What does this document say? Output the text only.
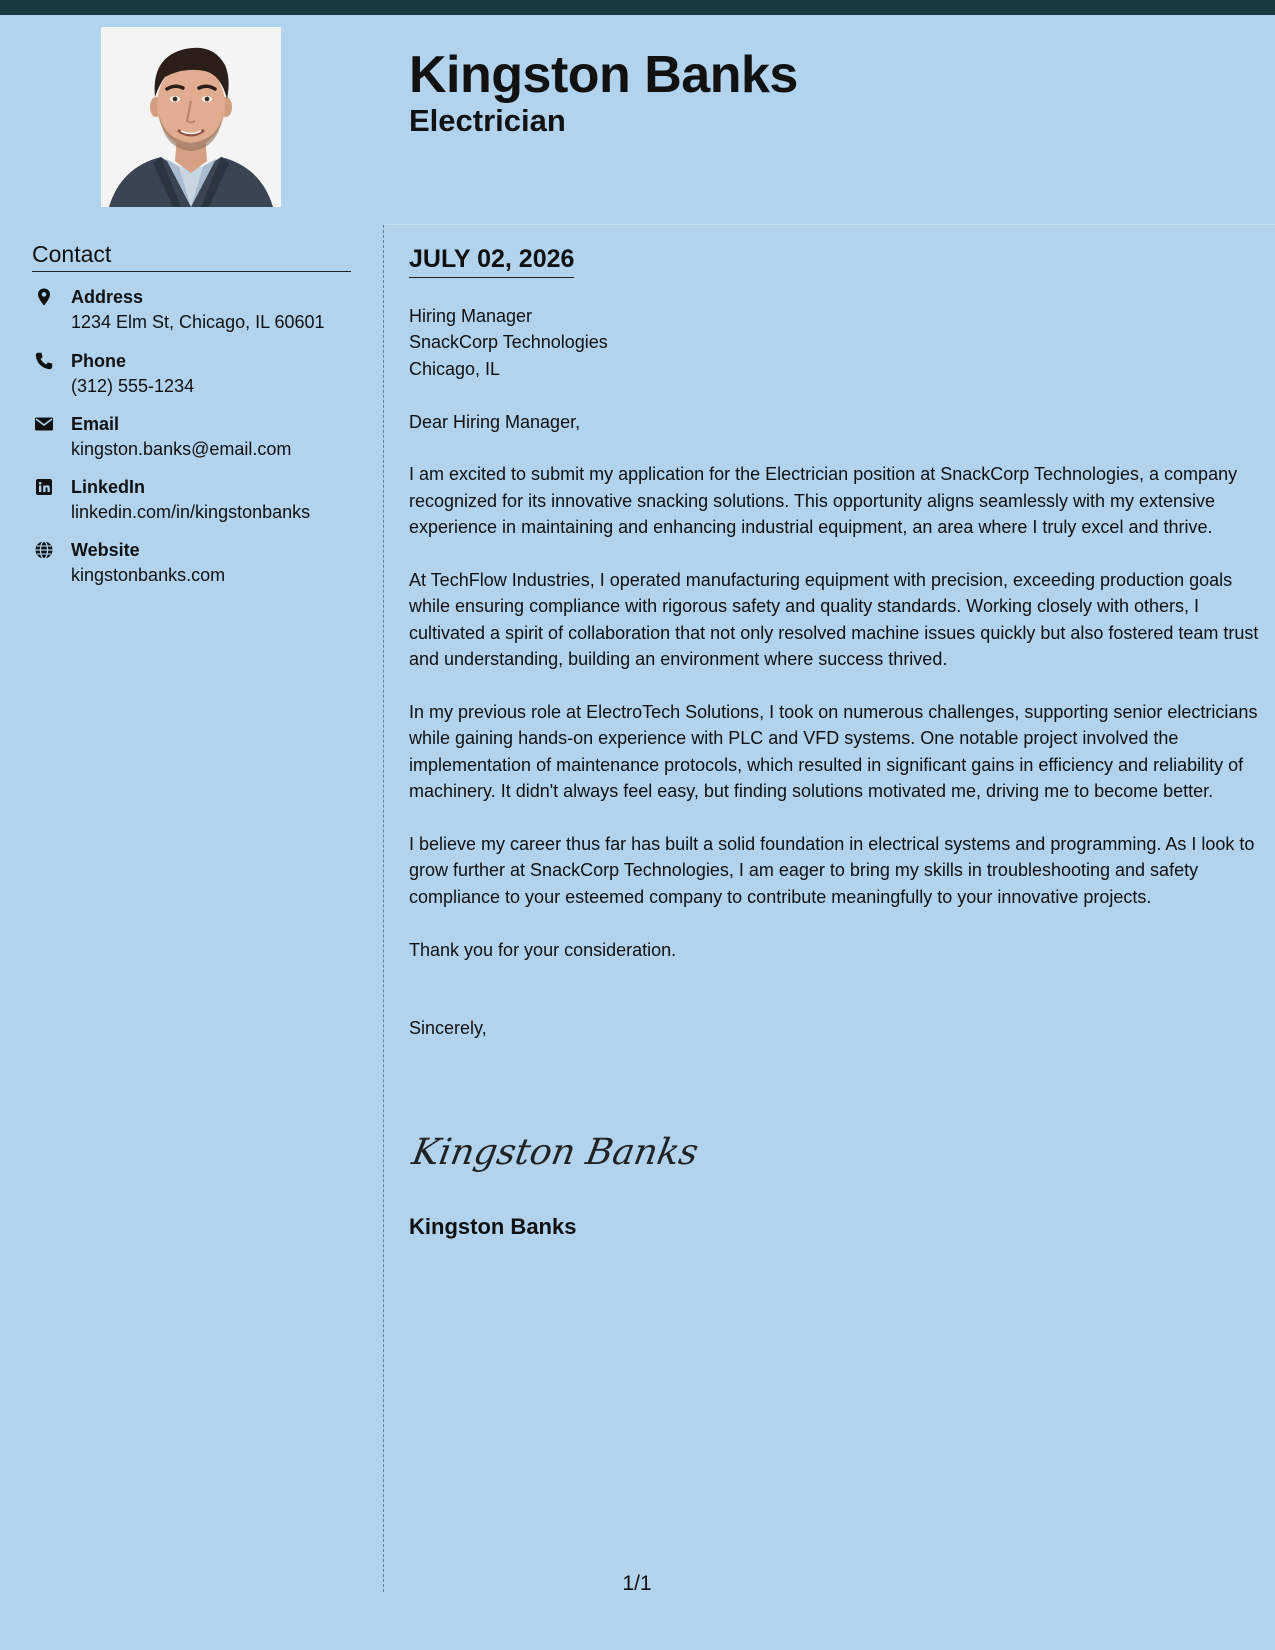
Kingston Banks
Electrician
Contact
Address
1234 Elm St, Chicago, IL 60601
Phone
(312) 555-1234
Email
kingston.banks@email.com
LinkedIn
linkedin.com/in/kingstonbanks
Website
kingstonbanks.com
JULY 02, 2026

Hiring Manager

SnackCorp Technologies

Chicago, IL

Dear Hiring Manager,

I am excited to submit my application for the Electrician position at SnackCorp Technologies, a company recognized for its innovative snacking solutions. This opportunity aligns seamlessly with my extensive experience in maintaining and enhancing industrial equipment, an area where I truly excel and thrive.

At TechFlow Industries, I operated manufacturing equipment with precision, exceeding production goals while ensuring compliance with rigorous safety and quality standards. Working closely with others, I cultivated a spirit of collaboration that not only resolved machine issues quickly but also fostered team trust and understanding, building an environment where success thrived.

In my previous role at ElectroTech Solutions, I took on numerous challenges, supporting senior electricians while gaining hands-on experience with PLC and VFD systems. One notable project involved the implementation of maintenance protocols, which resulted in significant gains in efficiency and reliability of machinery. It didn't always feel easy, but finding solutions motivated me, driving me to become better.

I believe my career thus far has built a solid foundation in electrical systems and programming. As I look to grow further at SnackCorp Technologies, I am eager to bring my skills in troubleshooting and safety compliance to your esteemed company to contribute meaningfully to your innovative projects.

Thank you for your consideration.

Sincerely,

Kingston Banks

Kingston Banks

1/1
